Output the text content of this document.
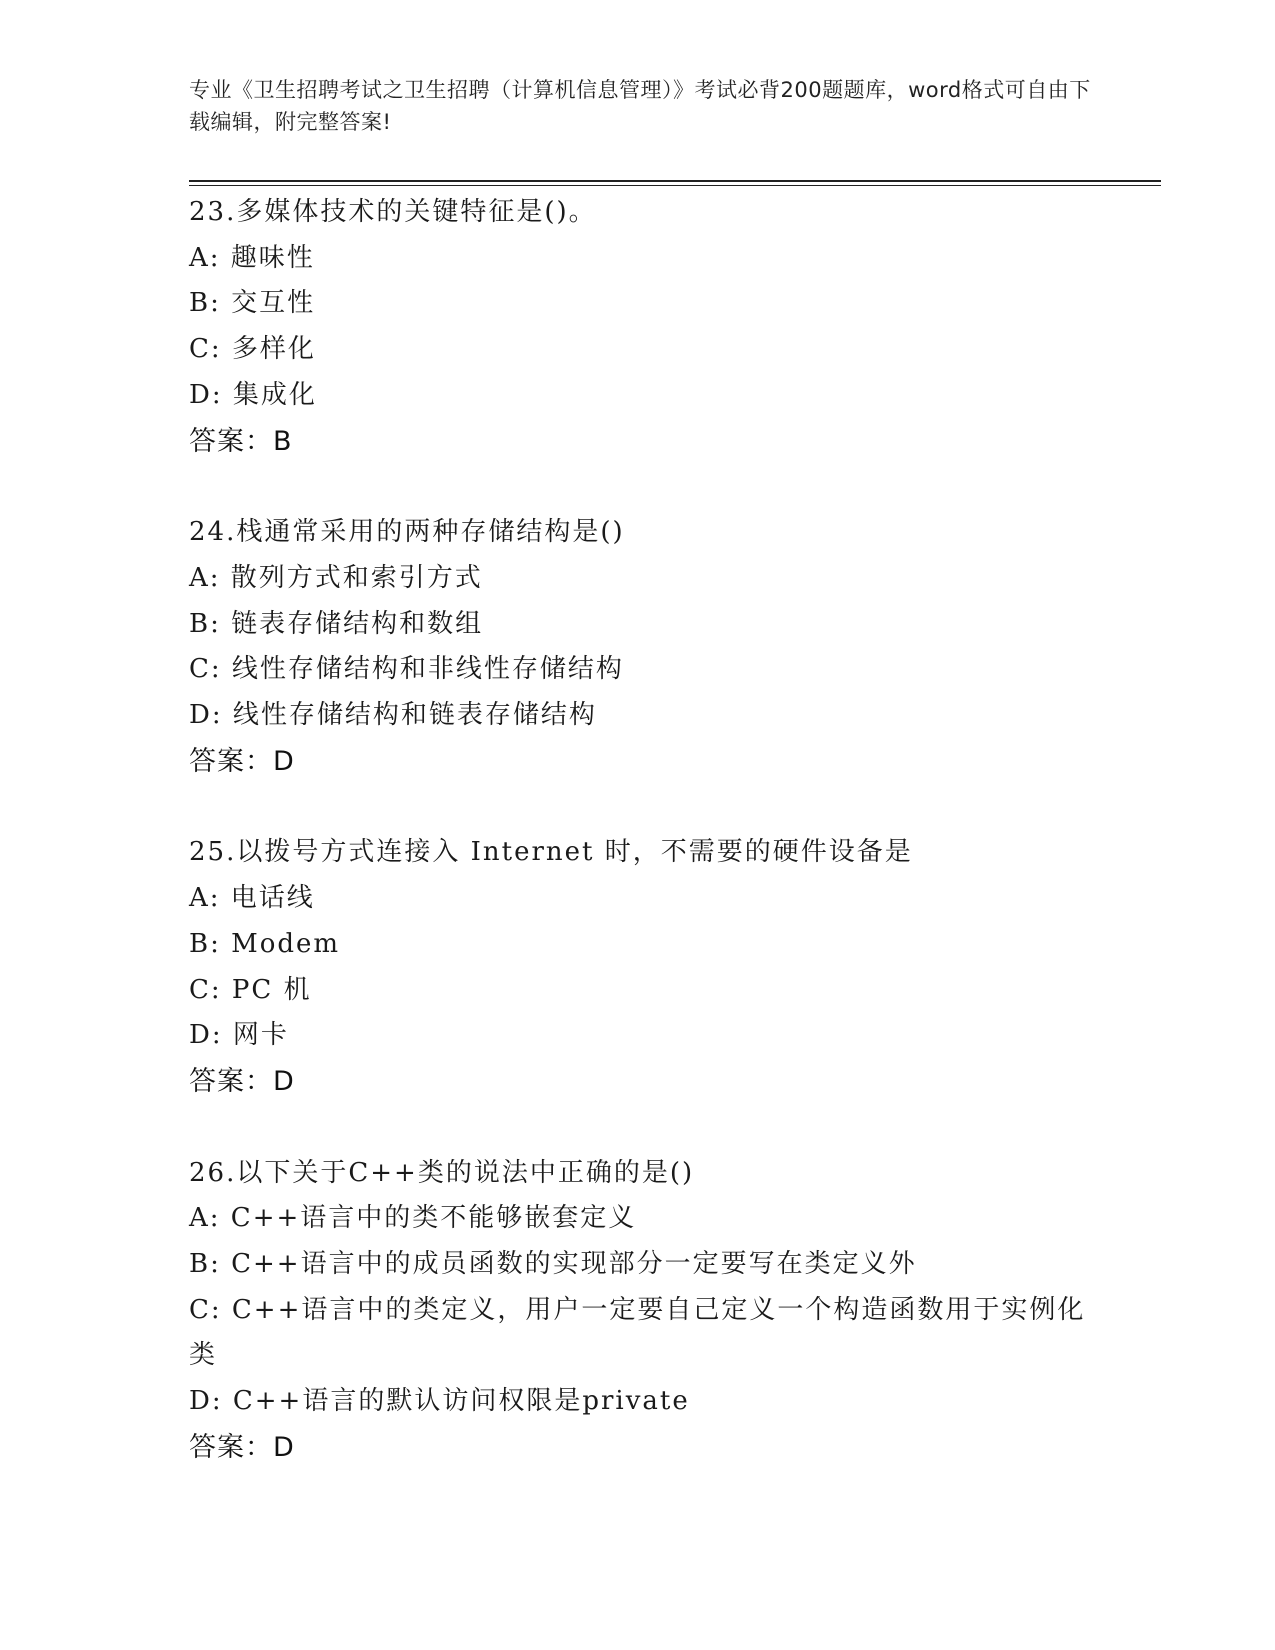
专业《卫生招聘考试之卫生招聘（计算机信息管理）》考试必背200题题库，word格式可自由下载编辑，附完整答案!
23.多媒体技术的关键特征是()。
A: 趣味性
B: 交互性
C: 多样化
D: 集成化
答案：B
24.栈通常采用的两种存储结构是()
A: 散列方式和索引方式
B: 链表存储结构和数组
C: 线性存储结构和非线性存储结构
D: 线性存储结构和链表存储结构
答案：D
25.以拨号方式连接入 Internet 时，不需要的硬件设备是
A: 电话线
B: Modem
C: PC 机
D: 网卡
答案：D
26.以下关于C++类的说法中正确的是()
A: C++语言中的类不能够嵌套定义
B: C++语言中的成员函数的实现部分一定要写在类定义外
C: C++语言中的类定义，用户一定要自己定义一个构造函数用于实例化类
D: C++语言的默认访问权限是private
答案：D
